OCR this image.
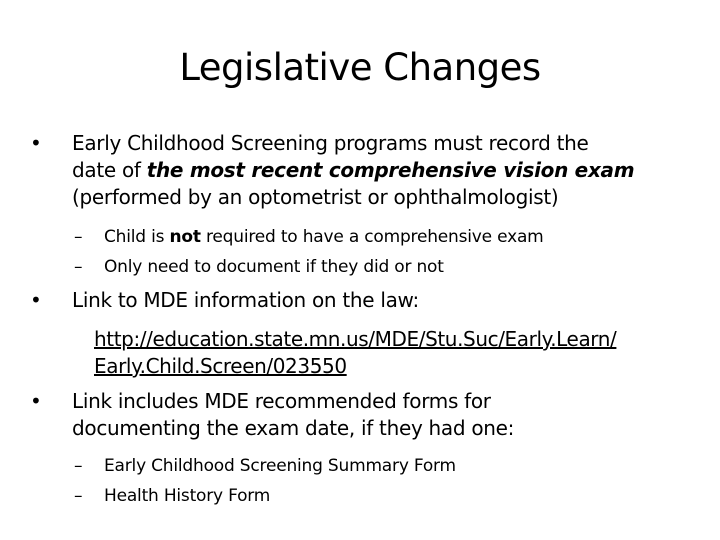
Legislative Changes
• Early Childhood Screening programs must record the
date of the most recent comprehensive vision exam
(performed by an optometrist or ophthalmologist)
– Child is not required to have a comprehensive exam
– Only need to document if they did or not
• Link to MDE information on the law:
http://education.state.mn.us/MDE/Stu.Suc/Early.Learn/
Early.Child.Screen/023550
• Link includes MDE recommended forms for
documenting the exam date, if they had one:
– Early Childhood Screening Summary Form
– Health History Form
